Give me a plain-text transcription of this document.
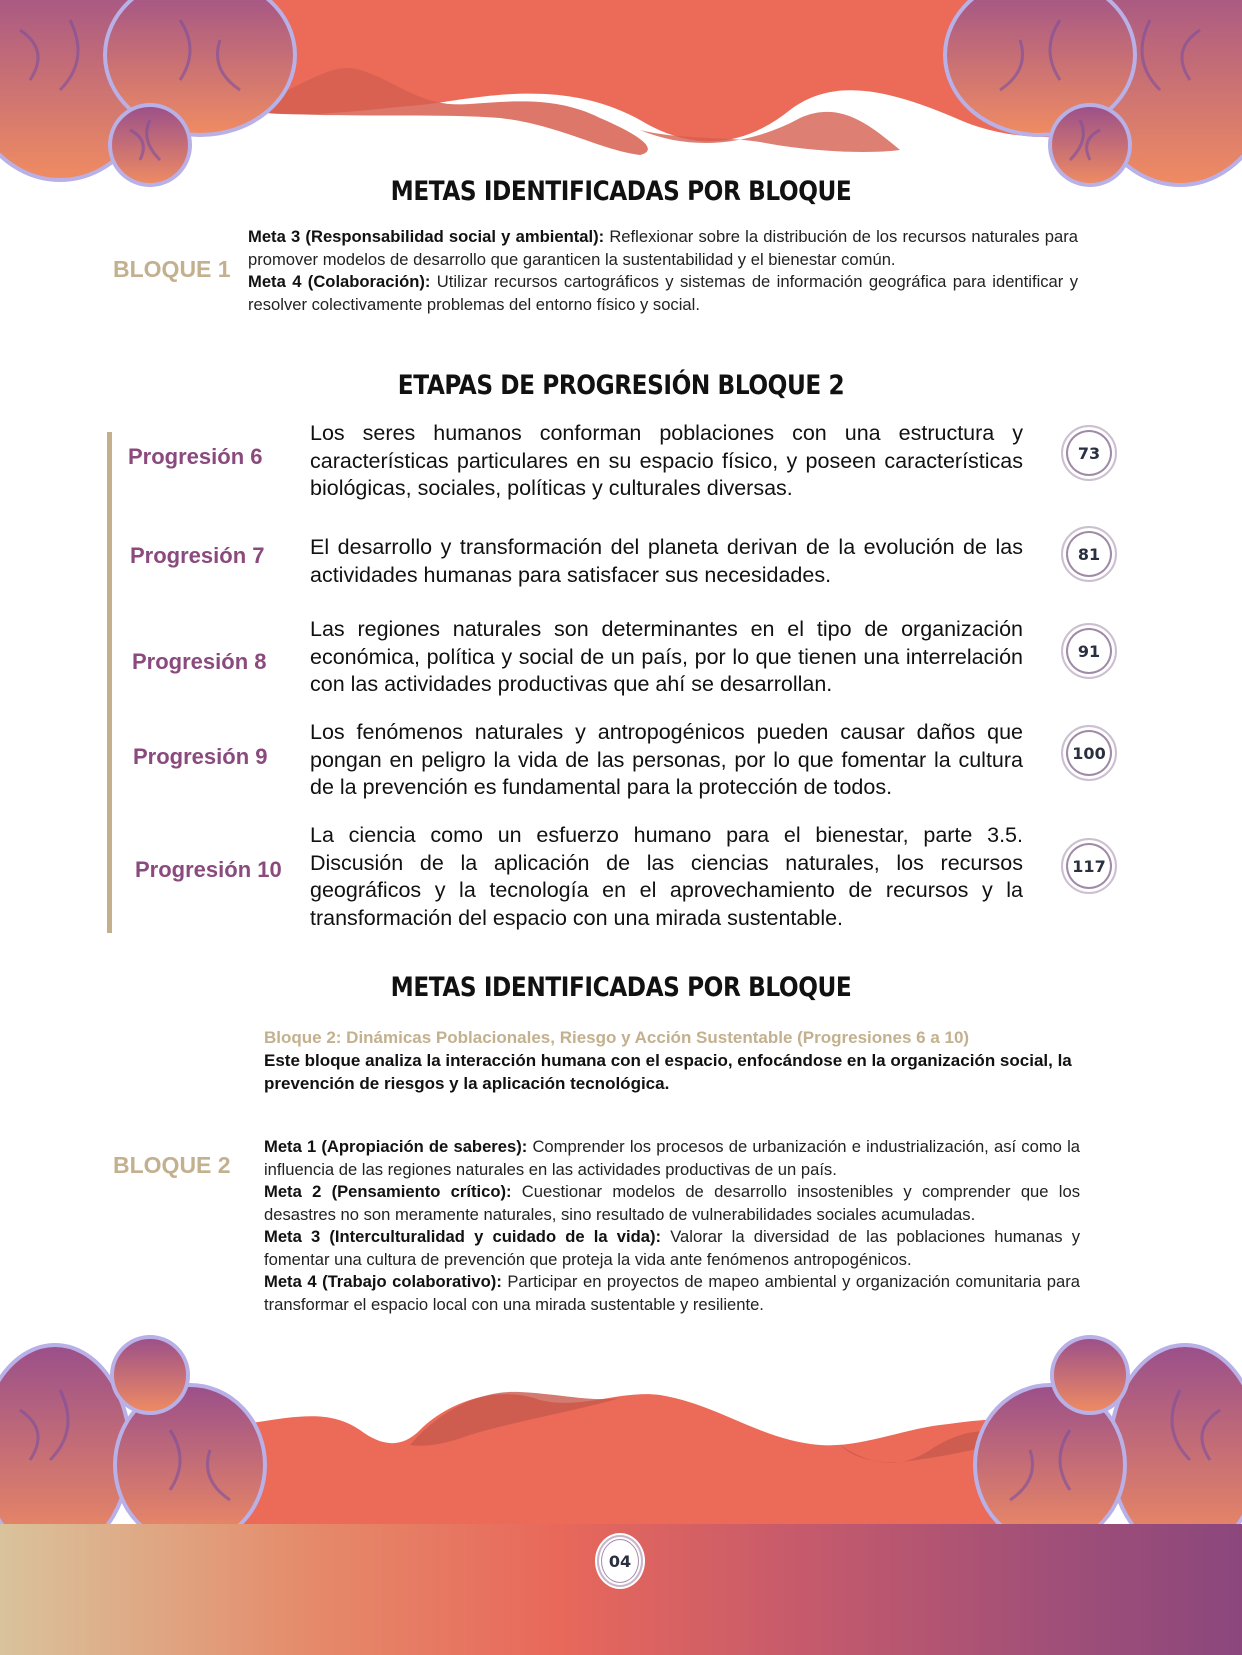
METAS IDENTIFICADAS POR BLOQUE
BLOQUE 1
Meta 3 (Responsabilidad social y ambiental): Reflexionar sobre la distribución de los recursos naturales para promover modelos de desarrollo que garanticen la sustentabilidad y el bienestar común.
Meta 4 (Colaboración): Utilizar recursos cartográficos y sistemas de información geográfica para identificar y resolver colectivamente problemas del entorno físico y social.
ETAPAS DE PROGRESIÓN BLOQUE 2
Progresión 6
Los seres humanos conforman poblaciones con una estructura y características particulares en su espacio físico, y poseen características biológicas, sociales, políticas y culturales diversas.
73
Progresión 7 El desarrollo y transformación del planeta derivan de la evolución de las actividades humanas para satisfacer sus necesidades.
81
Progresión 8
Las regiones naturales son determinantes en el tipo de organización económica, política y social de un país, por lo que tienen una interrelación con las actividades productivas que ahí se desarrollan.
91
Progresión 9
Los fenómenos naturales y antropogénicos pueden causar daños que pongan en peligro la vida de las personas, por lo que fomentar la cultura de la prevención es fundamental para la protección de todos.
100
Progresión 10
La ciencia como un esfuerzo humano para el bienestar, parte 3.5. Discusión de la aplicación de las ciencias naturales, los recursos geográficos y la tecnología en el aprovechamiento de recursos y la transformación del espacio con una mirada sustentable.
117
METAS IDENTIFICADAS POR BLOQUE
Bloque 2: Dinámicas Poblacionales, Riesgo y Acción Sustentable (Progresiones 6 a 10)
Este bloque analiza la interacción humana con el espacio, enfocándose en la organización social, la prevención de riesgos y la aplicación tecnológica.
BLOQUE 2
Meta 1 (Apropiación de saberes): Comprender los procesos de urbanización e industrialización, así como la influencia de las regiones naturales en las actividades productivas de un país.
Meta 2 (Pensamiento crítico): Cuestionar modelos de desarrollo insostenibles y comprender que los desastres no son meramente naturales, sino resultado de vulnerabilidades sociales acumuladas.
Meta 3 (Interculturalidad y cuidado de la vida): Valorar la diversidad de las poblaciones humanas y fomentar una cultura de prevención que proteja la vida ante fenómenos antropogénicos.
Meta 4 (Trabajo colaborativo): Participar en proyectos de mapeo ambiental y organización comunitaria para transformar el espacio local con una mirada sustentable y resiliente.
04
